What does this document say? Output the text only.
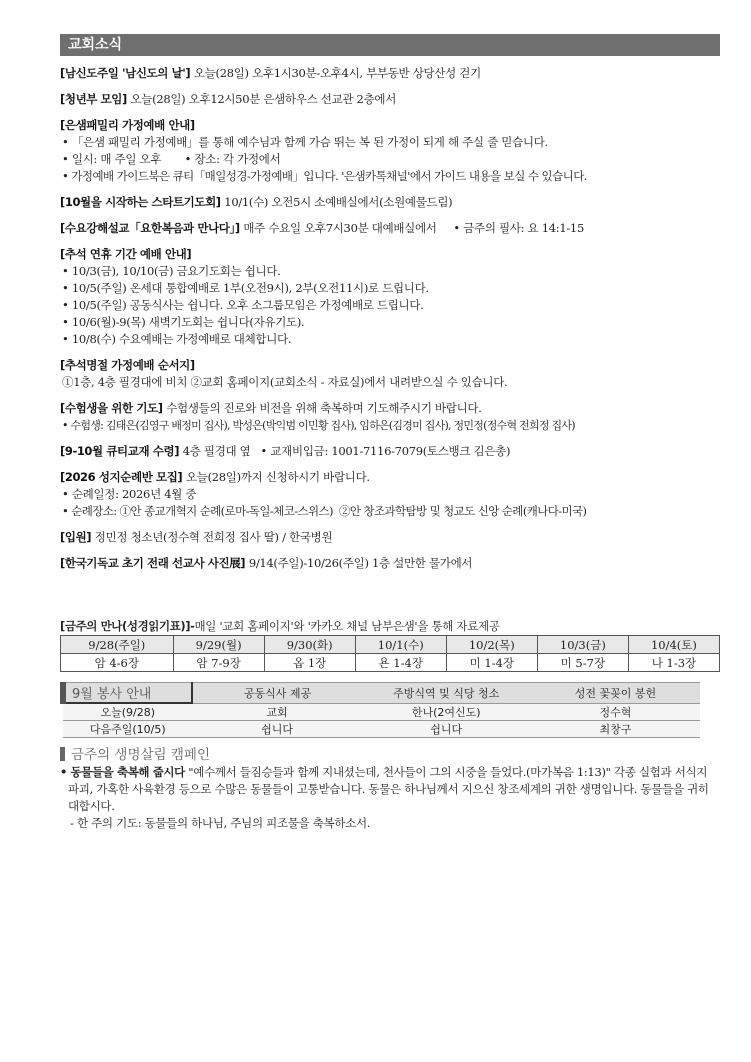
교회소식
[남신도주일 '남신도의 날'] 오늘(28일) 오후1시30분-오후4시, 부부동반 상당산성 걷기
[청년부 모임] 오늘(28일) 오후12시50분 은샘하우스 선교관 2층에서
[은샘패밀리 가정예배 안내]
• 「은샘 패밀리 가정예배」를 통해 예수님과 함께 가슴 뛰는 복 된 가정이 되게 해 주실 줄 믿습니다.
• 일시: 매 주일 오후       • 장소: 각 가정에서
• 가정예배 가이드북은 큐티「매일성경-가정예배」입니다. '은샘카톡채널'에서 가이드 내용을 보실 수 있습니다.
[10월을 시작하는 스타트기도회] 10/1(수) 오전5시 소예배실에서(소원예물드림)
[수요강해설교「요한복음과 만나다」] 매주 수요일 오후7시30분 대예배실에서     • 금주의 필사: 요 14:1-15
[추석 연휴 기간 예배 안내]
• 10/3(금), 10/10(금) 금요기도회는 쉽니다.
• 10/5(주일) 온세대 통합예배로 1부(오전9시), 2부(오전11시)로 드립니다.
• 10/5(주일) 공동식사는 쉽니다. 오후 소그룹모임은 가정예배로 드립니다.
• 10/6(월)-9(목) 새벽기도회는 쉽니다(자유기도).
• 10/8(수) 수요예배는 가정예배로 대체합니다.
[추석명절 가정예배 순서지]
①1층, 4층 필경대에 비치 ②교회 홈페이지(교회소식 - 자료실)에서 내려받으실 수 있습니다.
[수험생을 위한 기도] 수험생들의 진로와 비전을 위해 축복하며 기도해주시기 바랍니다.
• 수험생: 김태은(김영구 배정미 집사), 박성은(박익범 이민황 집사), 임하은(김경미 집사), 정민정(정수혁 전희정 집사)
[9-10월 큐티교재 수령] 4층 필경대 옆   • 교재비입금: 1001-7116-7079(토스뱅크 김은총)
[2026 성지순례반 모집] 오늘(28일)까지 신청하시기 바랍니다.
• 순례일정: 2026년 4월 중
• 순례장소: ①안 종교개혁지 순례(로마-독일-체코-스위스)  ②안 창조과학탐방 및 청교도 신앙 순례(캐나다-미국)
[입원] 정민정 청소년(정수혁 전희정 집사 딸) / 한국병원
[한국기독교 초기 전래 선교사 사진展] 9/14(주일)-10/26(주일) 1층 설만한 물가에서
[금주의 만나(성경읽기표)]-매일 '교회 홈페이지'와 '카카오 채널 남부은샘'을 통해 자료제공
9/28(주일)	9/29(월)	9/30(화)	10/1(수)	10/2(목)	10/3(금)	10/4(토)
암 4-6장	암 7-9장	옵 1장	욘 1-4장	미 1-4장	미 5-7장	나 1-3장
9월 봉사 안내	공동식사 제공	주방식역 및 식당 청소	성전 꽃꽂이 봉헌
오늘(9/28)	교회	한나(2여신도)	정수혁
다음주일(10/5)	쉽니다	쉽니다	최창구
금주의 생명살림 캠페인

• 동물들을 축복해 줍시다 "예수께서 들짐승들과 함께 지내셨는데, 천사들이 그의 시중을 들었다.(마가복음 1:13)" 각종 실험과 서식지 파괴, 가혹한 사육환경 등으로 수많은 동물들이 고통받습니다. 동물은 하나님께서 지으신 창조세계의 귀한 생명입니다. 동물들을 귀히 대합시다.

- 한 주의 기도: 동물들의 하나님, 주님의 피조물을 축복하소서.
